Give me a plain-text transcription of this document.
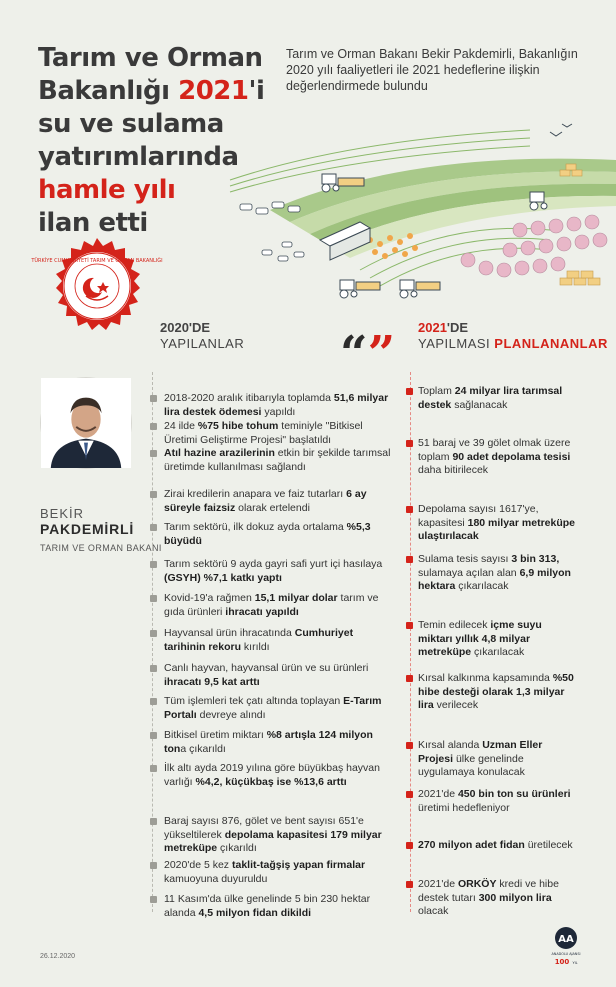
Tarım ve Orman
Bakanlığı 2021'i
su ve sulama
yatırımlarında
hamle yılı
ilan etti
Tarım ve Orman Bakanı Bekir Pakdemirli, Bakanlığın 2020 yılı faaliyetleri ile 2021 hedeflerine ilişkin değerlendirmede bulundu
TÜRKİYE CUMHURİYETİ TARIM VE ORMAN BAKANLIĞI
2020'DE
YAPILANLAR
2021'DE
YAPILMASI PLANLANANLAR
“”
BEKİR
PAKDEMİRLİ
TARIM VE ORMAN BAKANI
2018-2020 aralık itibarıyla toplamda 51,6 milyar lira destek ödemesi yapıldı
24 ilde %75 hibe tohum teminiyle "Bitkisel Üretimi Geliştirme Projesi" başlatıldı
Atıl hazine arazilerinin etkin bir şekilde tarımsal üretimde kullanılması sağlandı
Zirai kredilerin anapara ve faiz tutarları 6 ay süreyle faizsiz olarak ertelendi
Tarım sektörü, ilk dokuz ayda ortalama %5,3 büyüdü
Tarım sektörü 9 ayda gayri safi yurt içi hasılaya (GSYH) %7,1 katkı yaptı
Kovid-19'a rağmen 15,1 milyar dolar tarım ve gıda ürünleri ihracatı yapıldı
Hayvansal ürün ihracatında Cumhuriyet tarihinin rekoru kırıldı
Canlı hayvan, hayvansal ürün ve su ürünleri ihracatı 9,5 kat arttı
Tüm işlemleri tek çatı altında toplayan E-Tarım Portalı devreye alındı
Bitkisel üretim miktarı %8 artışla 124 milyon tona çıkarıldı
İlk altı ayda 2019 yılına göre büyükbaş hayvan varlığı %4,2, küçükbaş ise %13,6 arttı
Baraj sayısı 876, gölet ve bent sayısı 651'e yükseltilerek depolama kapasitesi 179 milyar metreküpe çıkarıldı
2020'de 5 kez taklit-tağşiş yapan firmalar kamuoyuna duyuruldu
11 Kasım'da ülke genelinde 5 bin 230 hektar alanda 4,5 milyon fidan dikildi
Toplam 24 milyar lira tarımsal destek sağlanacak
51 baraj ve 39 gölet olmak üzere toplam 90 adet depolama tesisi daha bitirilecek
Depolama sayısı 1617'ye, kapasitesi 180 milyar metreküpe ulaştırılacak
Sulama tesis sayısı 3 bin 313, sulamaya açılan alan 6,9 milyon hektara çıkarılacak
Temin edilecek içme suyu miktarı yıllık 4,8 milyar metreküpe çıkarılacak
Kırsal kalkınma kapsamında %50 hibe desteği olarak 1,3 milyar lira verilecek
Kırsal alanda Uzman Eller Projesi ülke genelinde uygulamaya konulacak
2021'de 450 bin ton su ürünleri üretimi hedefleniyor
270 milyon adet fidan üretilecek
2021'de ORKÖY kredi ve hibe destek tutarı 300 milyon lira olacak
26.12.2020
AA
ANADOLU AJANSI
100 YIL
